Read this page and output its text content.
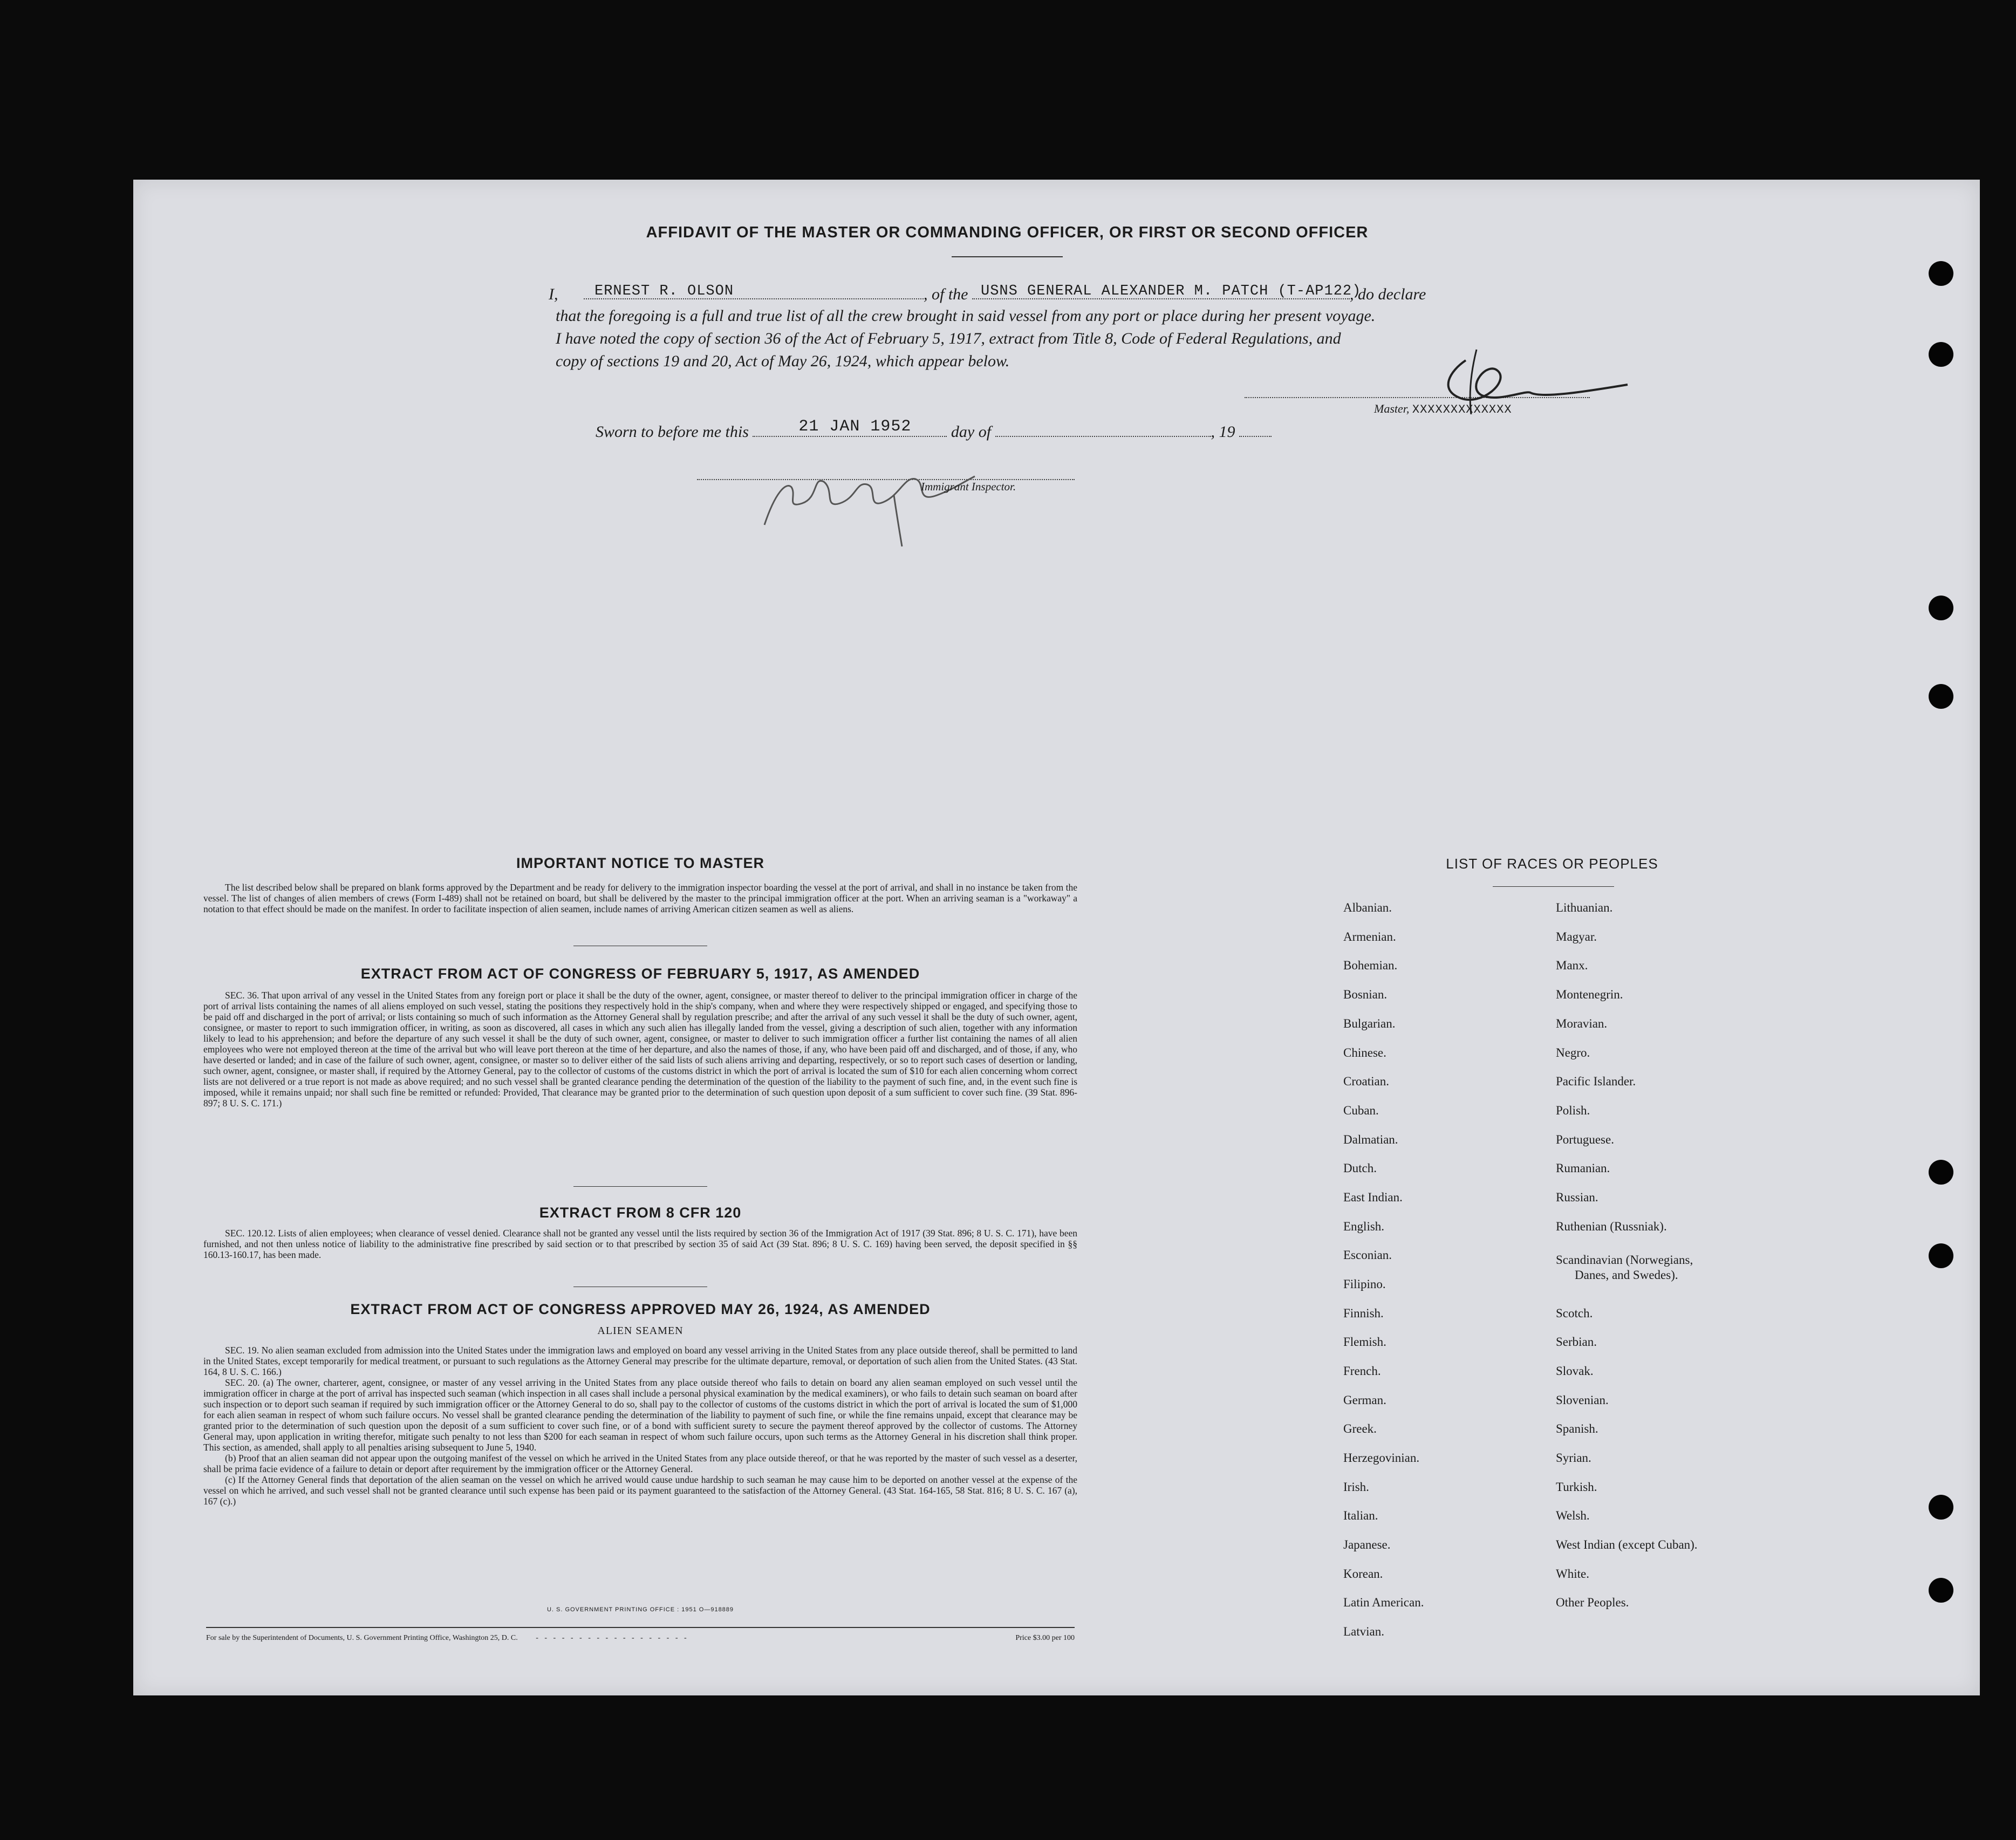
AFFIDAVIT OF THE MASTER OR COMMANDING OFFICER, OR FIRST OR SECOND OFFICER
I,	ERNEST R. OLSON	, of the USNS GENERAL ALEXANDER M. PATCH (T-AP122)
, do declare
that the foregoing is a full and true list of all the crew brought in said vessel from any port or place during her present voyage.
I have noted the copy of section 36 of the Act of February 5, 1917, extract from Title 8, Code of Federal Regulations, and
copy of sections 19 and 20, Act of May 26, 1924, which appear below.
Master, XXXXXXXXXXXXX
Sworn to before me this	21 JAN 1952 day of	, 19
Immigrant Inspector.
IMPORTANT NOTICE TO MASTER
The list described below shall be prepared on blank forms approved by the Department and be ready for delivery to the immigration inspector boarding the vessel at the port of arrival, and shall in no instance be taken from the vessel. The list of changes of alien members of crews (Form I-489) shall not be retained on board, but shall be delivered by the master to the principal immigration officer at the port. When an arriving seaman is a "workaway" a notation to that effect should be made on the manifest. In order to facilitate inspection of alien seamen, include names of arriving American citizen seamen as well as aliens.
EXTRACT FROM ACT OF CONGRESS OF FEBRUARY 5, 1917, AS AMENDED
SEC. 36. That upon arrival of any vessel in the United States from any foreign port or place it shall be the duty of the owner, agent, consignee, or master thereof to deliver to the principal immigration officer in charge of the port of arrival lists containing the names of all aliens employed on such vessel, stating the positions they respectively hold in the ship's company, when and where they were respectively shipped or engaged, and specifying those to be paid off and discharged in the port of arrival; or lists containing so much of such information as the Attorney General shall by regulation prescribe; and after the arrival of any such vessel it shall be the duty of such owner, agent, consignee, or master to report to such immigration officer, in writing, as soon as discovered, all cases in which any such alien has illegally landed from the vessel, giving a description of such alien, together with any information likely to lead to his apprehension; and before the departure of any such vessel it shall be the duty of such owner, agent, consignee, or master to deliver to such immigration officer a further list containing the names of all alien employees who were not employed thereon at the time of the arrival but who will leave port thereon at the time of her departure, and also the names of those, if any, who have been paid off and discharged, and of those, if any, who have deserted or landed; and in case of the failure of such owner, agent, consignee, or master so to deliver either of the said lists of such aliens arriving and departing, respectively, or so to report such cases of desertion or landing, such owner, agent, consignee, or master shall, if required by the Attorney General, pay to the collector of customs of the customs district in which the port of arrival is located the sum of $10 for each alien concerning whom correct lists are not delivered or a true report is not made as above required; and no such vessel shall be granted clearance pending the determination of the question of the liability to the payment of such fine, and, in the event such fine is imposed, while it remains unpaid; nor shall such fine be remitted or refunded: Provided, That clearance may be granted prior to the determination of such question upon deposit of a sum sufficient to cover such fine. (39 Stat. 896-897; 8 U. S. C. 171.)
EXTRACT FROM 8 CFR 120
SEC. 120.12. Lists of alien employees; when clearance of vessel denied. Clearance shall not be granted any vessel until the lists required by section 36 of the Immigration Act of 1917 (39 Stat. 896; 8 U. S. C. 171), have been furnished, and not then unless notice of liability to the administrative fine prescribed by said section or to that prescribed by section 35 of said Act (39 Stat. 896; 8 U. S. C. 169) having been served, the deposit specified in §§ 160.13-160.17, has been made.
EXTRACT FROM ACT OF CONGRESS APPROVED MAY 26, 1924, AS AMENDED
ALIEN SEAMEN
SEC. 19. No alien seaman excluded from admission into the United States under the immigration laws and employed on board any vessel arriving in the United States from any place outside thereof, shall be permitted to land in the United States, except temporarily for medical treatment, or pursuant to such regulations as the Attorney General may prescribe for the ultimate departure, removal, or deportation of such alien from the United States. (43 Stat. 164, 8 U. S. C. 166.)
SEC. 20. (a) The owner, charterer, agent, consignee, or master of any vessel arriving in the United States from any place outside thereof who fails to detain on board any alien seaman employed on such vessel until the immigration officer in charge at the port of arrival has inspected such seaman (which inspection in all cases shall include a personal physical examination by the medical examiners), or who fails to detain such seaman on board after such inspection or to deport such seaman if required by such immigration officer or the Attorney General to do so, shall pay to the collector of customs of the customs district in which the port of arrival is located the sum of $1,000 for each alien seaman in respect of whom such failure occurs. No vessel shall be granted clearance pending the determination of the liability to payment of such fine, or while the fine remains unpaid, except that clearance may be granted prior to the determination of such question upon the deposit of a sum sufficient to cover such fine, or of a bond with sufficient surety to secure the payment thereof approved by the collector of customs. The Attorney General may, upon application in writing therefor, mitigate such penalty to not less than $200 for each seaman in respect of whom such failure occurs, upon such terms as the Attorney General in his discretion shall think proper. This section, as amended, shall apply to all penalties arising subsequent to June 5, 1940.
(b) Proof that an alien seaman did not appear upon the outgoing manifest of the vessel on which he arrived in the United States from any place outside thereof, or that he was reported by the master of such vessel as a deserter, shall be prima facie evidence of a failure to detain or deport after requirement by the immigration officer or the Attorney General.
(c) If the Attorney General finds that deportation of the alien seaman on the vessel on which he arrived would cause undue hardship to such seaman he may cause him to be deported on another vessel at the expense of the vessel on which he arrived, and such vessel shall not be granted clearance until such expense has been paid or its payment guaranteed to the satisfaction of the Attorney General. (43 Stat. 164-165, 58 Stat. 816; 8 U. S. C. 167 (a), 167 (c).)
U. S. GOVERNMENT PRINTING OFFICE : 1951 O—918889
For sale by the Superintendent of Documents, U. S. Government Printing Office, Washington 25, D. C. - - - - - - - - - - - - - - - - - -	Price $3.00 per 100
LIST OF RACES OR PEOPLES
Albanian.
Armenian.
Bohemian.
Bosnian.
Bulgarian.
Chinese.
Croatian.
Cuban.
Dalmatian.
Dutch.
East Indian.
English.
Esconian.
Filipino.
Finnish.
Flemish.
French.
German.
Greek.
Herzegovinian.
Irish.
Italian.
Japanese.
Korean.
Latin American.
Latvian.
Lithuanian.
Magyar.
Manx.
Montenegrin.
Moravian.
Negro.
Pacific Islander.
Polish.
Portuguese.
Rumanian.
Russian.
Ruthenian (Russniak).
Scandinavian (Norwegians,
Danes, and Swedes).
Scotch.
Serbian.
Slovak.
Slovenian.
Spanish.
Syrian.
Turkish.
Welsh.
West Indian (except Cuban).
White.
Other Peoples.
